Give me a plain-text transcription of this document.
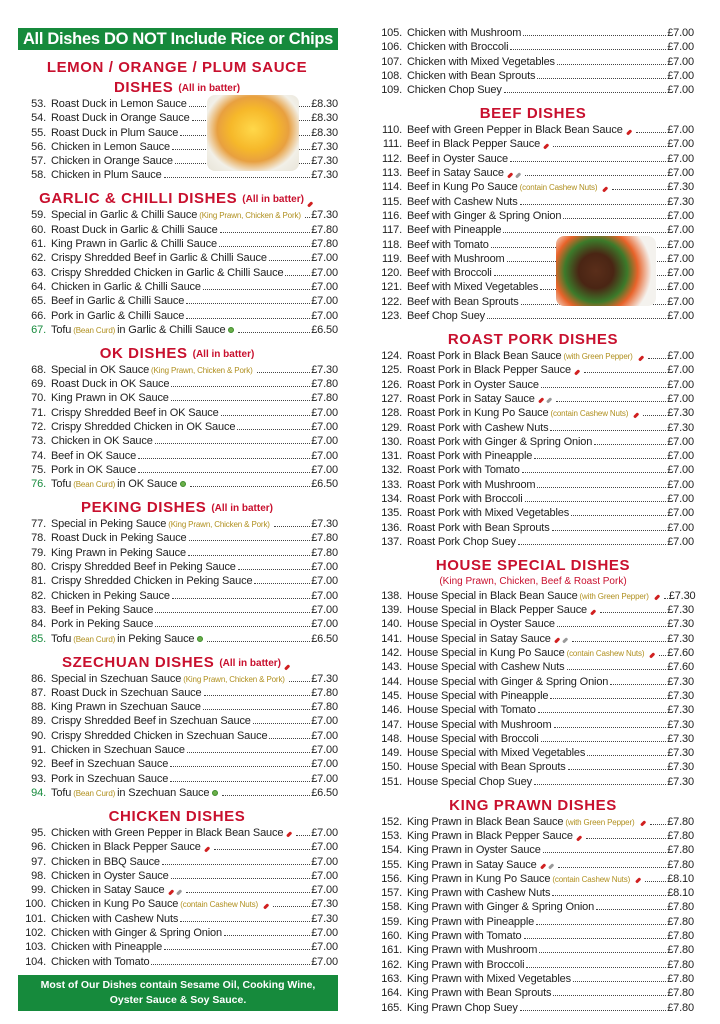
All Dishes DO NOT Include Rice or Chips
LEMON / ORANGE / PLUM SAUCE
DISHES (All in batter)
53. Roast Duck in Lemon Sauce	£8.30
54. Roast Duck in Orange Sauce	£8.30
55. Roast Duck in Plum Sauce	£8.30
56. Chicken in Lemon Sauce	£7.30
57. Chicken in Orange Sauce	£7.30
58. Chicken in Plum Sauce	£7.30
GARLIC & CHILLI DISHES (All in batter)
59. Special in Garlic & Chilli Sauce (King Prawn, Chicken & Pork) £7.30
60. Roast Duck in Garlic & Chilli Sauce	£7.80
61. King Prawn in Garlic & Chilli Sauce	£7.80
62. Crispy Shredded Beef in Garlic & Chilli Sauce	£7.00
63. Crispy Shredded Chicken in Garlic & Chilli Sauce	£7.00
64. Chicken in Garlic & Chilli Sauce	£7.00
65. Beef in Garlic & Chilli Sauce	£7.00
66. Pork in Garlic & Chilli Sauce	£7.00
67. Tofu (Bean Curd) in Garlic & Chilli Sauce	£6.50
OK DISHES (All in batter)
68. Special in OK Sauce (King Prawn, Chicken & Pork)	£7.30
69. Roast Duck in OK Sauce	£7.80
70. King Prawn in OK Sauce	£7.80
71. Crispy Shredded Beef in OK Sauce	£7.00
72. Crispy Shredded Chicken in OK Sauce	£7.00
73. Chicken in OK Sauce	£7.00
74. Beef in OK Sauce	£7.00
75. Pork in OK Sauce	£7.00
76. Tofu (Bean Curd) in OK Sauce	£6.50
PEKING DISHES (All in batter)
77. Special in Peking Sauce (King Prawn, Chicken & Pork)	£7.30
78. Roast Duck in Peking Sauce	£7.80
79. King Prawn in Peking Sauce	£7.80
80. Crispy Shredded Beef in Peking Sauce	£7.00
81. Crispy Shredded Chicken in Peking Sauce	£7.00
82. Chicken in Peking Sauce	£7.00
83. Beef in Peking Sauce	£7.00
84. Pork in Peking Sauce	£7.00
85. Tofu (Bean Curd) in Peking Sauce	£6.50
SZECHUAN DISHES (All in batter)
86. Special in Szechuan Sauce (King Prawn, Chicken & Pork) £7.30
87. Roast Duck in Szechuan Sauce	£7.80
88. King Prawn in Szechuan Sauce	£7.80
89. Crispy Shredded Beef in Szechuan Sauce	£7.00
90. Crispy Shredded Chicken in Szechuan Sauce	£7.00
91. Chicken in Szechuan Sauce	£7.00
92. Beef in Szechuan Sauce	£7.00
93. Pork in Szechuan Sauce	£7.00
94. Tofu (Bean Curd) in Szechuan Sauce	£6.50
CHICKEN DISHES
95. Chicken with Green Pepper in Black Bean Sauce	£7.00
96. Chicken in Black Pepper Sauce	£7.00
97. Chicken in BBQ Sauce	£7.00
98. Chicken in Oyster Sauce	£7.00
99. Chicken in Satay Sauce	£7.00
100. Chicken in Kung Po Sauce (contain Cashew Nuts)	£7.30
101. Chicken with Cashew Nuts	£7.30
102. Chicken with Ginger & Spring Onion	£7.00
103. Chicken with Pineapple	£7.00
104. Chicken with Tomato	£7.00
Most of Our Dishes contain Sesame Oil, Cooking Wine,
Oyster Sauce & Soy Sauce.
105. Chicken with Mushroom	£7.00
106. Chicken with Broccoli	£7.00
107. Chicken with Mixed Vegetables	£7.00
108. Chicken with Bean Sprouts	£7.00
109. Chicken Chop Suey	£7.00
BEEF DISHES
110. Beef with Green Pepper in Black Bean Sauce	£7.00
111. Beef in Black Pepper Sauce	£7.00
112. Beef in Oyster Sauce	£7.00
113. Beef in Satay Sauce	£7.00
114. Beef in Kung Po Sauce (contain Cashew Nuts)	£7.30
115. Beef with Cashew Nuts	£7.30
116. Beef with Ginger & Spring Onion	£7.00
117. Beef with Pineapple	£7.00
118. Beef with Tomato	£7.00
119. Beef with Mushroom	£7.00
120. Beef with Broccoli	£7.00
121. Beef with Mixed Vegetables	£7.00
122. Beef with Bean Sprouts	£7.00
123. Beef Chop Suey	£7.00
ROAST PORK DISHES
124. Roast Pork in Black Bean Sauce (with Green Pepper)	£7.00
125. Roast Pork in Black Pepper Sauce	£7.00
126. Roast Pork in Oyster Sauce	£7.00
127. Roast Pork in Satay Sauce	£7.00
128. Roast Pork in Kung Po Sauce (contain Cashew Nuts)	£7.30
129. Roast Pork with Cashew Nuts	£7.30
130. Roast Pork with Ginger & Spring Onion	£7.00
131. Roast Pork with Pineapple	£7.00
132. Roast Pork with Tomato	£7.00
133. Roast Pork with Mushroom	£7.00
134. Roast Pork with Broccoli	£7.00
135. Roast Pork with Mixed Vegetables	£7.00
136. Roast Pork with Bean Sprouts	£7.00
137. Roast Pork Chop Suey	£7.00
HOUSE SPECIAL DISHES
(King Prawn, Chicken, Beef & Roast Pork)
138. House Special in Black Bean Sauce (with Green Pepper) £7.30
139. House Special in Black Pepper Sauce	£7.30
140. House Special in Oyster Sauce	£7.30
141. House Special in Satay Sauce	£7.30
142. House Special in Kung Po Sauce (contain Cashew Nuts) £7.60
143. House Special with Cashew Nuts	£7.60
144. House Special with Ginger & Spring Onion	£7.30
145. House Special with Pineapple	£7.30
146. House Special with Tomato	£7.30
147. House Special with Mushroom	£7.30
148. House Special with Broccoli	£7.30
149. House Special with Mixed Vegetables	£7.30
150. House Special with Bean Sprouts	£7.30
151. House Special Chop Suey	£7.30
KING PRAWN DISHES
152. King Prawn in Black Bean Sauce (with Green Pepper)	£7.80
153. King Prawn in Black Pepper Sauce	£7.80
154. King Prawn in Oyster Sauce	£7.80
155. King Prawn in Satay Sauce	£7.80
156. King Prawn in Kung Po Sauce (contain Cashew Nuts)	£8.10
157. King Prawn with Cashew Nuts	£8.10
158. King Prawn with Ginger & Spring Onion	£7.80
159. King Prawn with Pineapple	£7.80
160. King Prawn with Tomato	£7.80
161. King Prawn with Mushroom	£7.80
162. King Prawn with Broccoli	£7.80
163. King Prawn with Mixed Vegetables	£7.80
164. King Prawn with Bean Sprouts	£7.80
165. King Prawn Chop Suey	£7.80
